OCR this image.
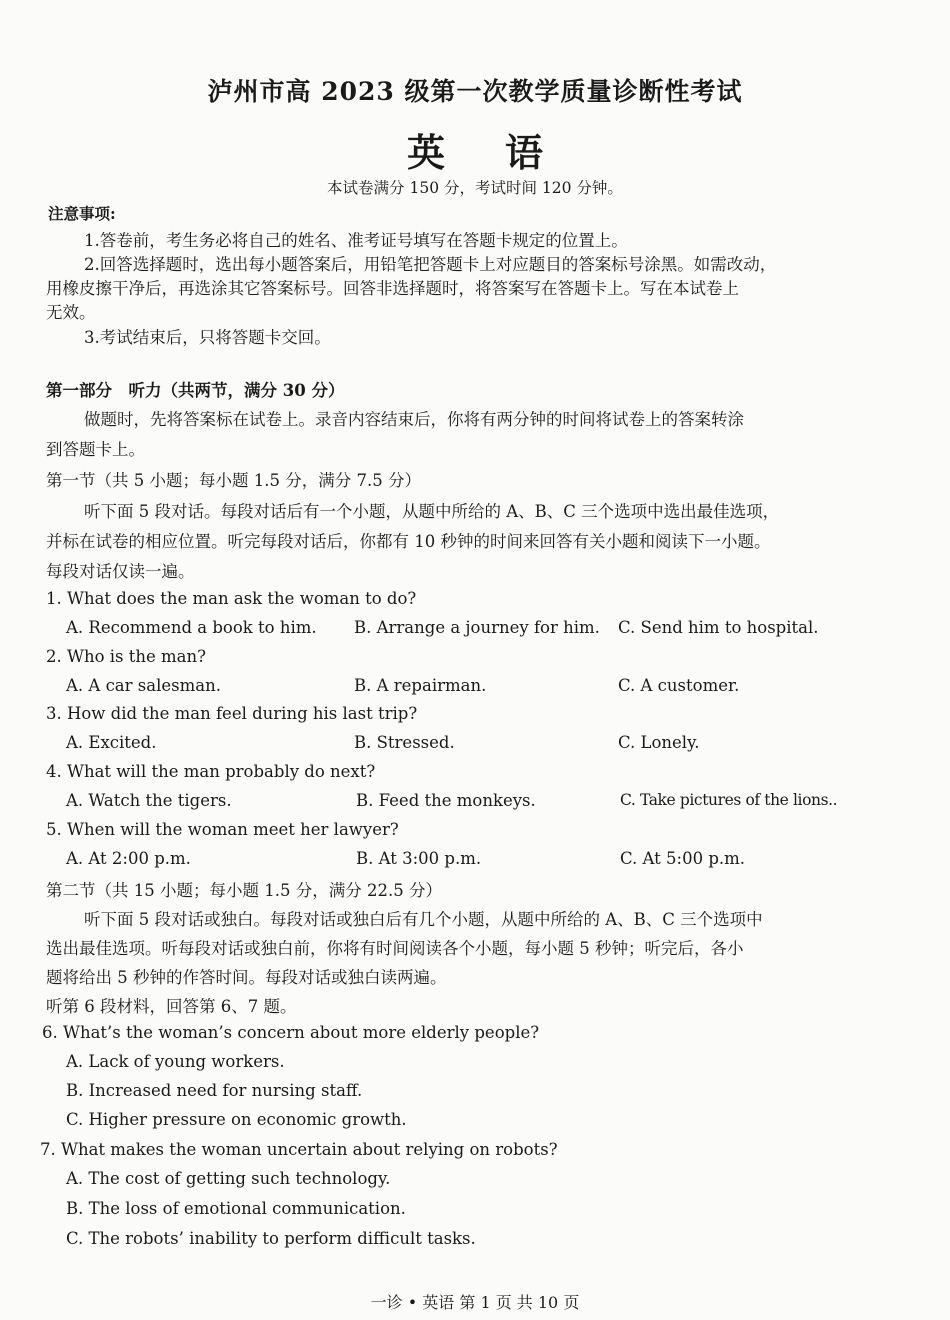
泸州市高 2023 级第一次教学质量诊断性考试
英语
本试卷满分 150 分，考试时间 120 分钟。
注意事项:
1.答卷前，考生务必将自己的姓名、准考证号填写在答题卡规定的位置上。
2.回答选择题时，选出每小题答案后，用铅笔把答题卡上对应题目的答案标号涂黑。如需改动，
用橡皮擦干净后，再选涂其它答案标号。回答非选择题时，将答案写在答题卡上。写在本试卷上
无效。
3.考试结束后，只将答题卡交回。
第一部分　听力（共两节，满分 30 分）
做题时，先将答案标在试卷上。录音内容结束后，你将有两分钟的时间将试卷上的答案转涂
到答题卡上。
第一节（共 5 小题；每小题 1.5 分，满分 7.5 分）
听下面 5 段对话。每段对话后有一个小题，从题中所给的 A、B、C 三个选项中选出最佳选项，
并标在试卷的相应位置。听完每段对话后，你都有 10 秒钟的时间来回答有关小题和阅读下一小题。
每段对话仅读一遍。
1. What does the man ask the woman to do?
A. Recommend a book to him. B. Arrange a journey for him. C. Send him to hospital.
2. Who is the man?
A. A car salesman.	B. A repairman.	C. A customer.
3. How did the man feel during his last trip?
A. Excited.	B. Stressed.	C. Lonely.
4. What will the man probably do next?
A. Watch the tigers.	B. Feed the monkeys.	C. Take pictures of the lions..
5. When will the woman meet her lawyer?
A. At 2:00 p.m.	B. At 3:00 p.m.	C. At 5:00 p.m.
第二节（共 15 小题；每小题 1.5 分，满分 22.5 分）
听下面 5 段对话或独白。每段对话或独白后有几个小题，从题中所给的 A、B、C 三个选项中
选出最佳选项。听每段对话或独白前，你将有时间阅读各个小题，每小题 5 秒钟；听完后，各小
题将给出 5 秒钟的作答时间。每段对话或独白读两遍。
听第 6 段材料，回答第 6、7 题。
6. What’s the woman’s concern about more elderly people?
A. Lack of young workers.
B. Increased need for nursing staff.
C. Higher pressure on economic growth.
7. What makes the woman uncertain about relying on robots?
A. The cost of getting such technology.
B. The loss of emotional communication.
C. The robots’ inability to perform difficult tasks.
一诊 • 英语 第 1 页 共 10 页
